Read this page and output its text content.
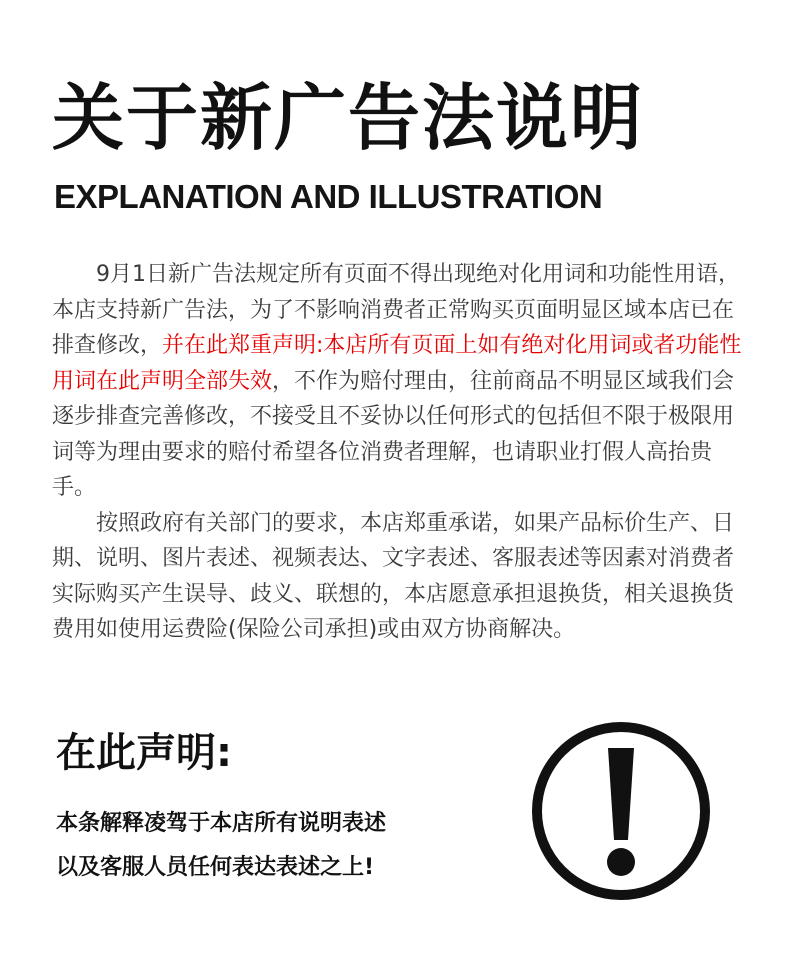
关于新广告法说明
EXPLANATION AND ILLUSTRATION

9月1日新广告法规定所有页面不得出现绝对化用词和功能性用语，本店支持新广告法，为了不影响消费者正常购买页面明显区域本店已在排查修改，并在此郑重声明:本店所有页面上如有绝对化用词或者功能性用词在此声明全部失效，不作为赔付理由，往前商品不明显区域我们会逐步排查完善修改，不接受且不妥协以任何形式的包括但不限于极限用词等为理由要求的赔付希望各位消费者理解，也请职业打假人高抬贵手。

按照政府有关部门的要求，本店郑重承诺，如果产品标价生产、日期、说明、图片表述、视频表达、文字表述、客服表述等因素对消费者实际购买产生误导、歧义、联想的，本店愿意承担退换货，相关退换货费用如使用运费险(保险公司承担)或由双方协商解决。

在此声明:
本条解释凌驾于本店所有说明表述
以及客服人员任何表达表述之上!
